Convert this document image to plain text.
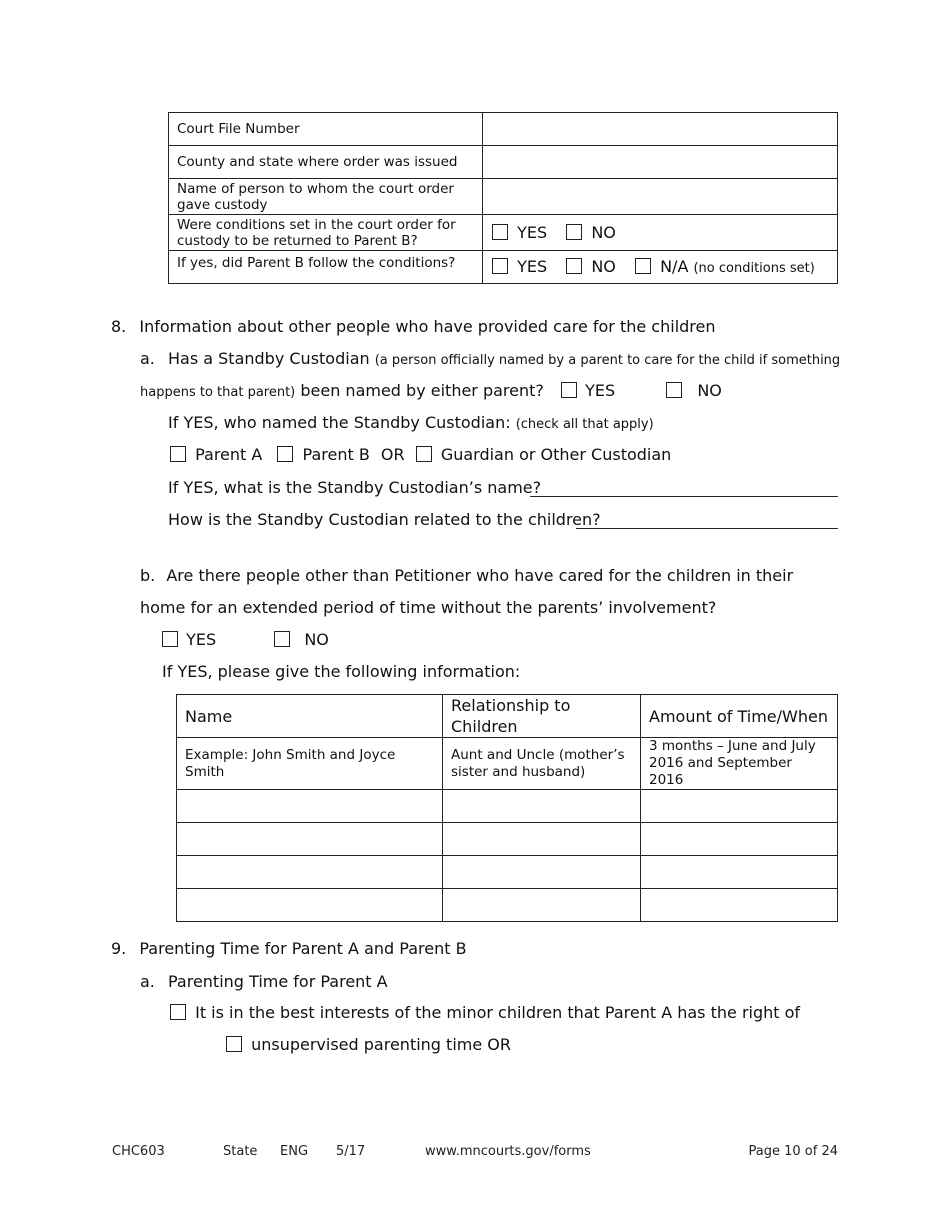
Court File Number	
County and state where order was issued	
Name of person to whom the court order gave custody	
Were conditions set in the court order for custody to be returned to Parent B?	YES NO
If yes, did Parent B follow the conditions?	YES NO N/A (no conditions set)
8. Information about other people who have provided care for the children
a. Has a Standby Custodian (a person officially named by a parent to care for the child if something
happens to that parent) been named by either parent?	YES	NO
If YES, who named the Standby Custodian: (check all that apply)
Parent A	Parent B OR Guardian or Other Custodian
If YES, what is the Standby Custodian’s name?
How is the Standby Custodian related to the children?
b. Are there people other than Petitioner who have cared for the children in their
home for an extended period of time without the parents’ involvement?
YES	NO
If YES, please give the following information:
Name	Relationship to Children	Amount of Time/When
Example: John Smith and Joyce Smith	Aunt and Uncle (mother’s sister and husband)	3 months – June and July 2016 and September 2016

9. Parenting Time for Parent A and Parent B
a. Parenting Time for Parent A
It is in the best interests of the minor children that Parent A has the right of
unsupervised parenting time OR
CHC603	State ENG 5/17	www.mncourts.gov/forms	Page 10 of 24
